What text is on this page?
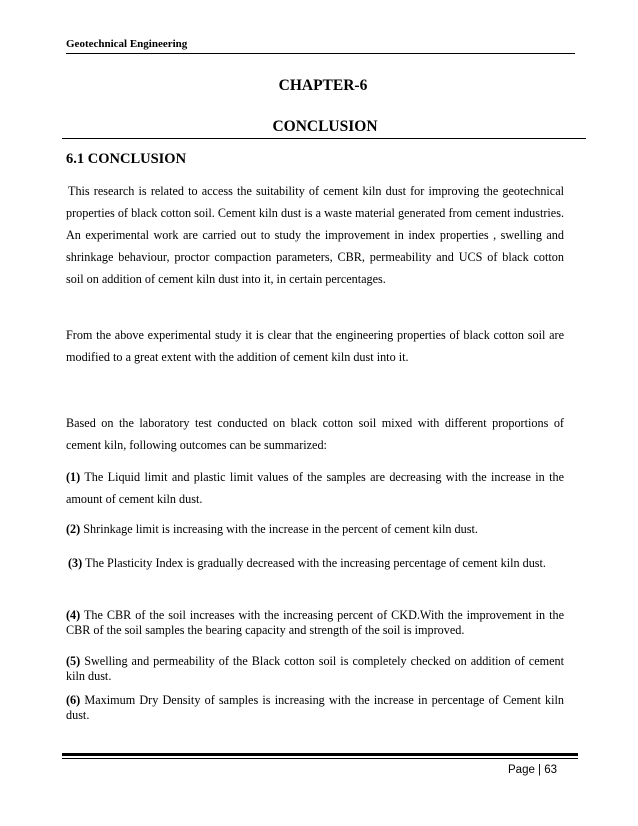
Geotechnical Engineering
CHAPTER-6
CONCLUSION
6.1 CONCLUSION

This research is related to access the suitability of cement kiln dust for improving the geotechnical properties of black cotton soil. Cement kiln dust is a waste material generated from cement industries. An experimental work are carried out to study the improvement in index properties , swelling and shrinkage behaviour, proctor compaction parameters, CBR, permeability and UCS of black cotton soil on addition of cement kiln dust into it, in certain percentages.

From the above experimental study it is clear that the engineering properties of black cotton soil are modified to a great extent with the addition of cement kiln dust into it.

Based on the laboratory test conducted on black cotton soil mixed with different proportions of cement kiln, following outcomes can be summarized:

(1) The Liquid limit and plastic limit values of the samples are decreasing with the increase in the amount of cement kiln dust.

(2) Shrinkage limit is increasing with the increase in the percent of cement kiln dust.

(3) The Plasticity Index is gradually decreased with the increasing percentage of cement kiln dust.

(4) The CBR of the soil increases with the increasing percent of CKD.With the improvement in the CBR of the soil samples the bearing capacity and strength of the soil is improved.

(5) Swelling and permeability of the Black cotton soil is completely checked on addition of cement kiln dust.

(6) Maximum Dry Density of samples is increasing with the increase in percentage of Cement kiln dust.

Page | 63
